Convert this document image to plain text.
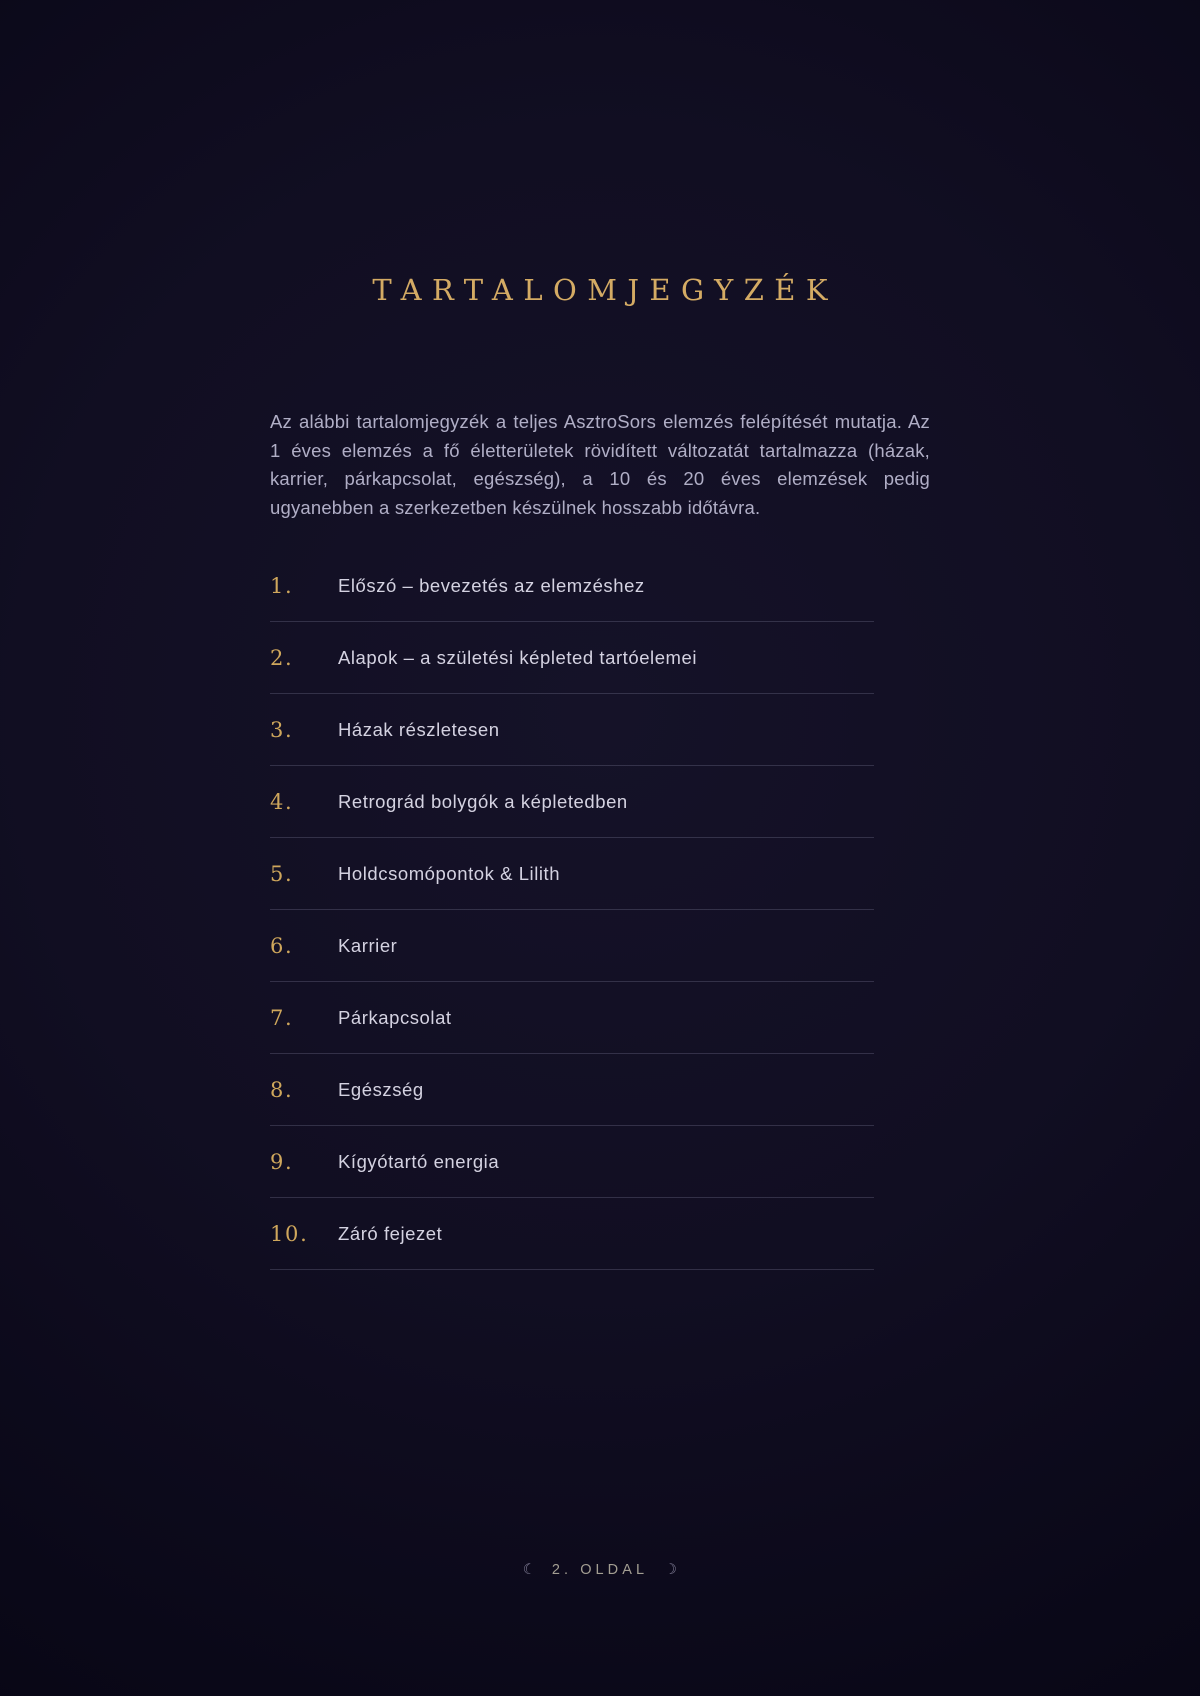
TARTALOMJEGYZÉK

Az alábbi tartalomjegyzék a teljes AsztroSors elemzés felépítését mutatja. Az 1 éves elemzés a fő életterületek rövidített változatát tartalmazza (házak, karrier, párkapcsolat, egészség), a 10 és 20 éves elemzések pedig ugyanebben a szerkezetben készülnek hosszabb időtávra.

1.	Előszó – bevezetés az elemzéshez
2.	Alapok – a születési képleted tartóelemei
3.	Házak részletesen
4.	Retrográd bolygók a képletedben
5.	Holdcsomópontok & Lilith
6.	Karrier
7.	Párkapcsolat
8.	Egészség
9.	Kígyótartó energia
10.	Záró fejezet
☾ 2. OLDAL ☽
